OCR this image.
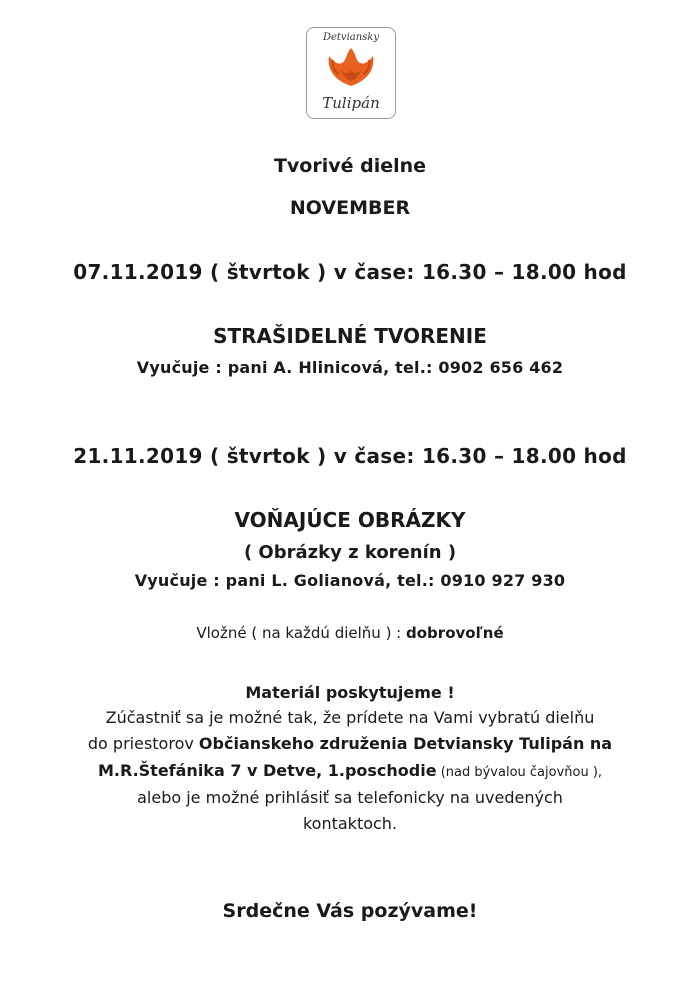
Detviansky
Tulipán
Tvorivé dielne
NOVEMBER
07.11.2019 ( štvrtok ) v čase: 16.30 – 18.00 hod
STRAŠIDELNÉ TVORENIE
Vyučuje : pani A. Hlinicová, tel.: 0902 656 462
21.11.2019 ( štvrtok ) v čase: 16.30 – 18.00 hod
VOŇAJÚCE OBRÁZKY
( Obrázky z korenín )
Vyučuje : pani L. Golianová, tel.: 0910 927 930
Vložné ( na každú dielňu ) : dobrovoľné
Materiál poskytujeme !
Zúčastniť sa je možné tak, že prídete na Vami vybratú dielňu
do priestorov Občianskeho združenia Detviansky Tulipán na
M.R.Štefánika 7 v Detve, 1.poschodie (nad bývalou čajovňou ),
alebo je možné prihlásiť sa telefonicky na uvedených
kontaktoch.
Srdečne Vás pozývame!
